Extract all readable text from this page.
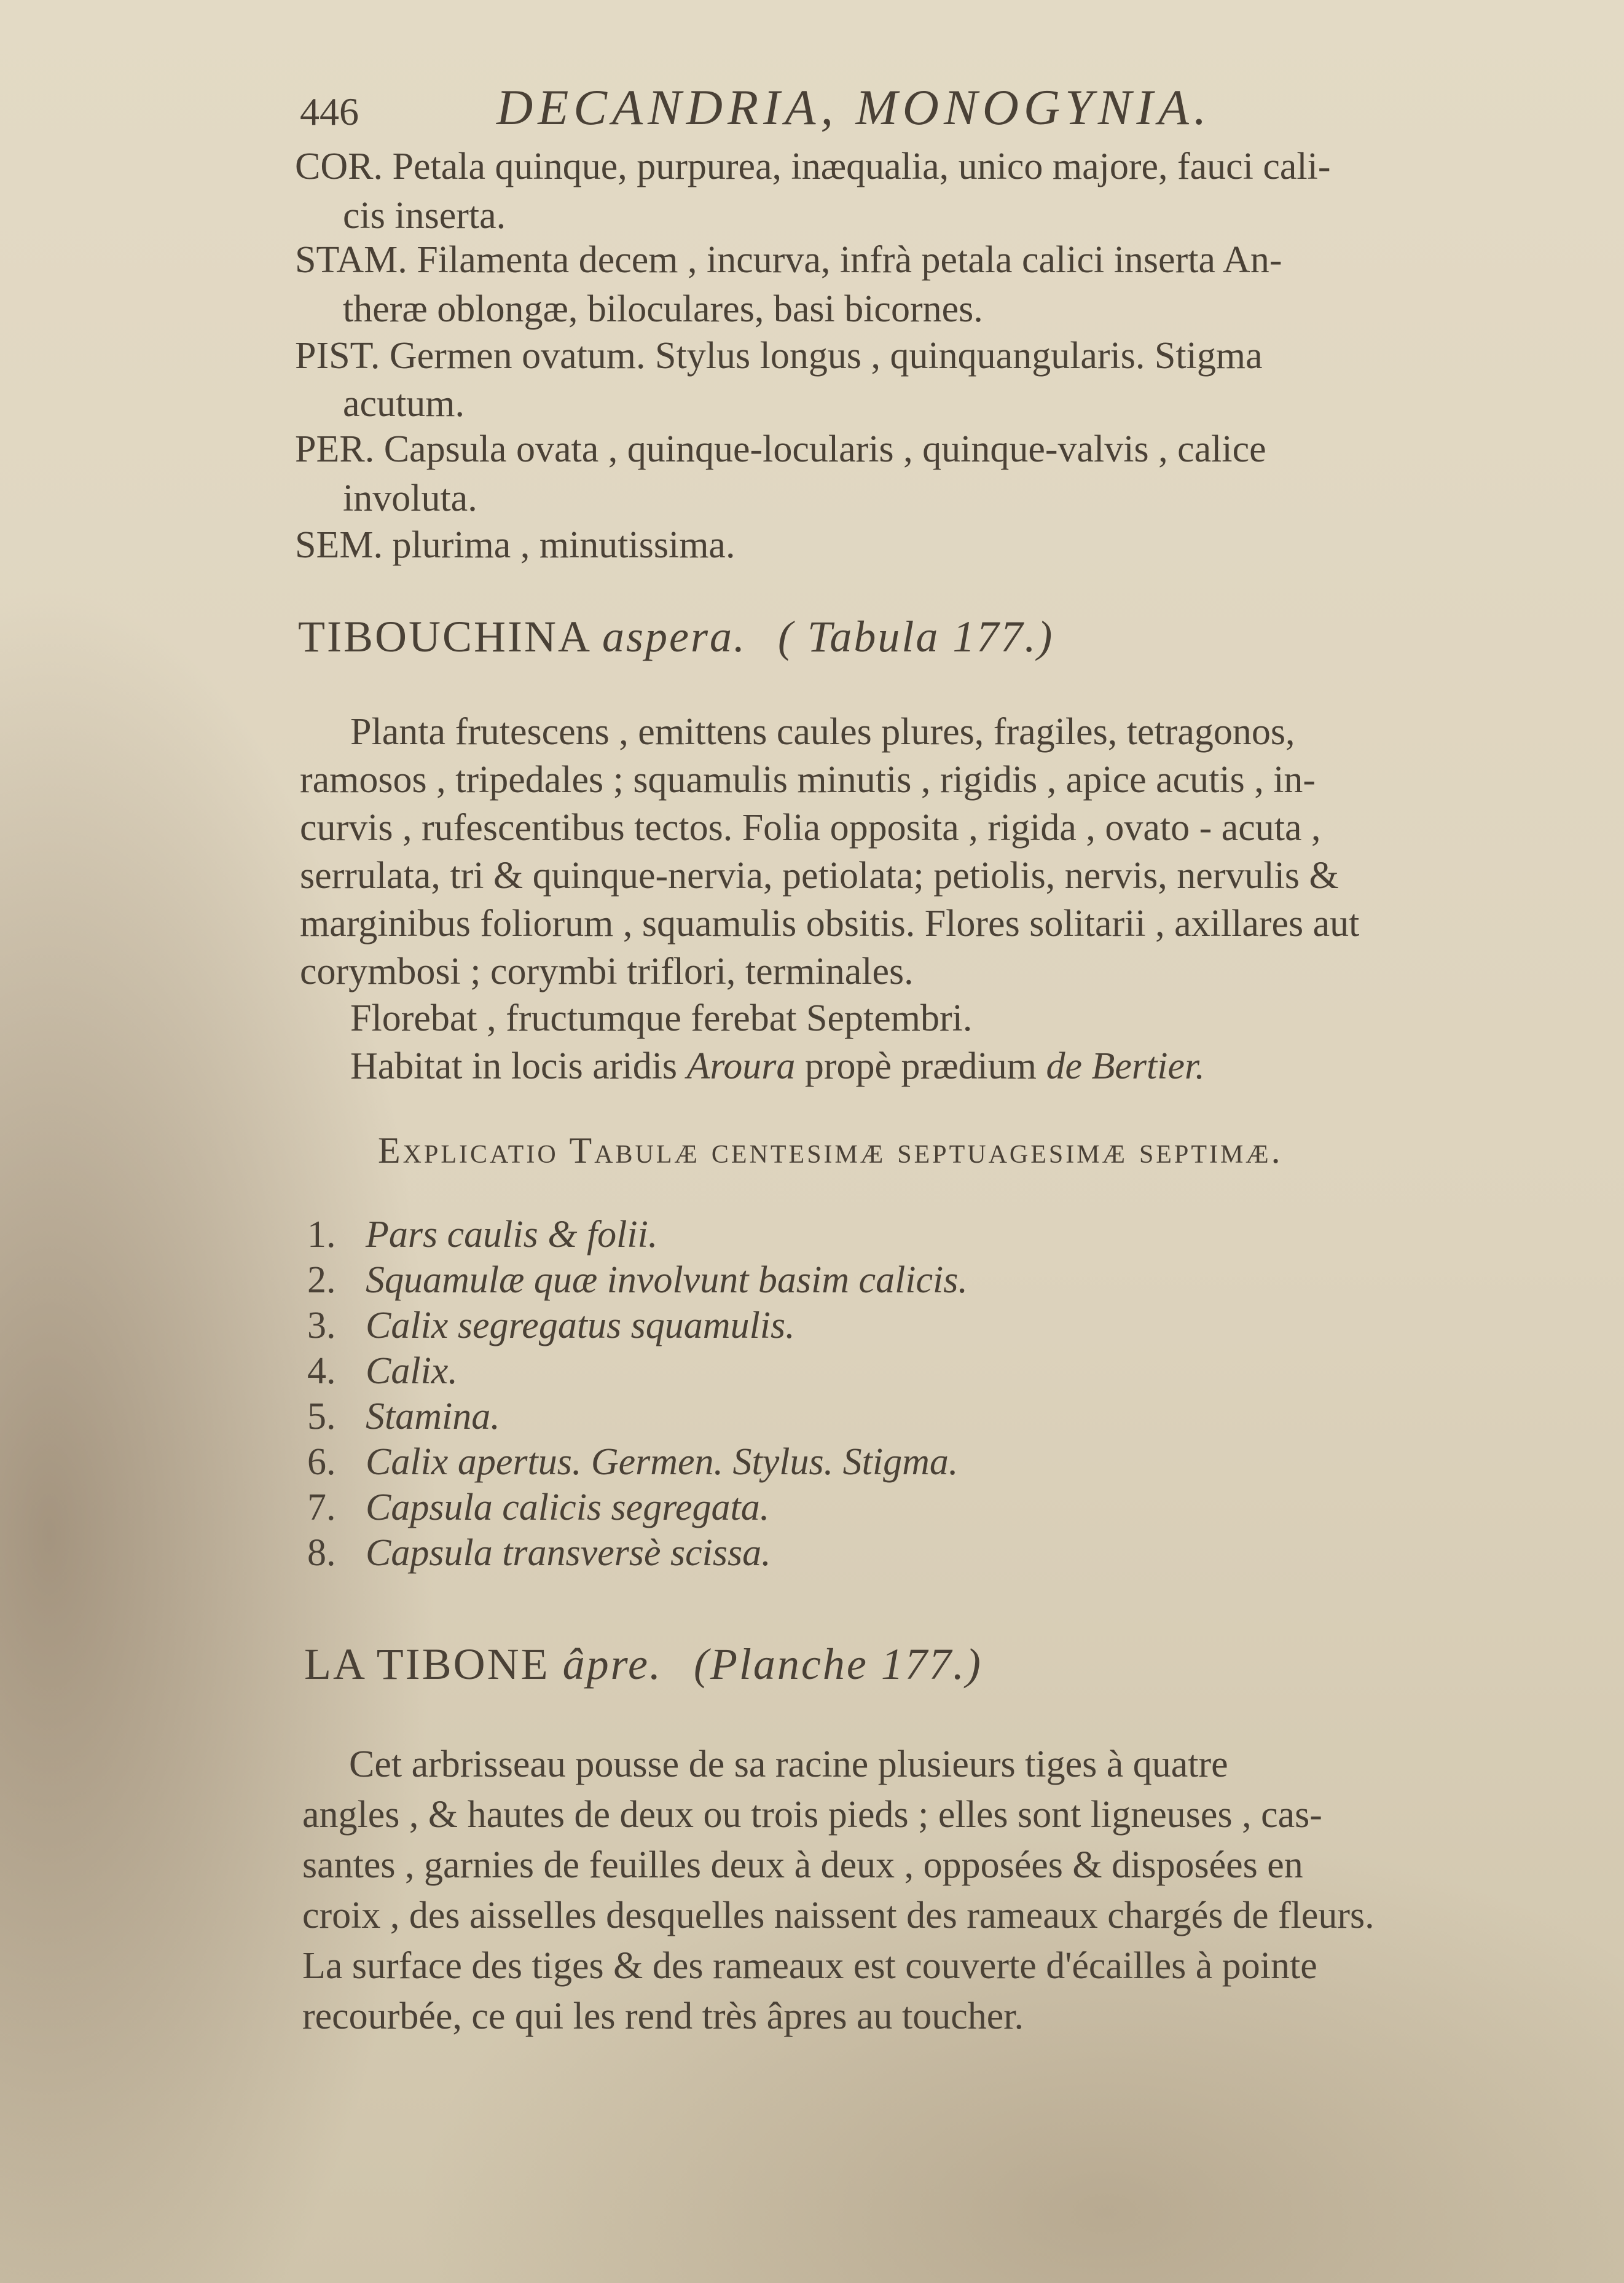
446	DECANDRIA, MONOGYNIA.
COR. Petala quinque, purpurea, inæqualia, unico majore, fauci cali-
cis inserta.
STAM. Filamenta decem , incurva, infrà petala calici inserta An-
theræ oblongæ, biloculares, basi bicornes.
PIST. Germen ovatum. Stylus longus , quinquangularis. Stigma
acutum.
PER. Capsula ovata , quinque-locularis , quinque-valvis , calice
involuta.
SEM. plurima , minutissima.
TIBOUCHINA aspera. ( Tabula 177.)
Planta frutescens , emittens caules plures, fragiles, tetragonos,
ramosos , tripedales ; squamulis minutis , rigidis , apice acutis , in-
curvis , rufescentibus tectos. Folia opposita , rigida , ovato - acuta ,
serrulata, tri & quinque-nervia, petiolata; petiolis, nervis, nervulis &
marginibus foliorum , squamulis obsitis. Flores solitarii , axillares aut
corymbosi ; corymbi triflori, terminales.
Florebat , fructumque ferebat Septembri.
Habitat in locis aridis Aroura propè prædium de Bertier.
Explicatio Tabulæ centesimæ septuagesimæ septimæ.
1. Pars caulis & folii.
2. Squamulæ quæ involvunt basim calicis.
3. Calix segregatus squamulis.
4. Calix.
5. Stamina.
6. Calix apertus. Germen. Stylus. Stigma.
7. Capsula calicis segregata.
8. Capsula transversè scissa.
LA TIBONE âpre. (Planche 177.)
Cet arbrisseau pousse de sa racine plusieurs tiges à quatre
angles , & hautes de deux ou trois pieds ; elles sont ligneuses , cas-
santes , garnies de feuilles deux à deux , opposées & disposées en
croix , des aisselles desquelles naissent des rameaux chargés de fleurs.
La surface des tiges & des rameaux est couverte d'écailles à pointe
recourbée, ce qui les rend très âpres au toucher.
